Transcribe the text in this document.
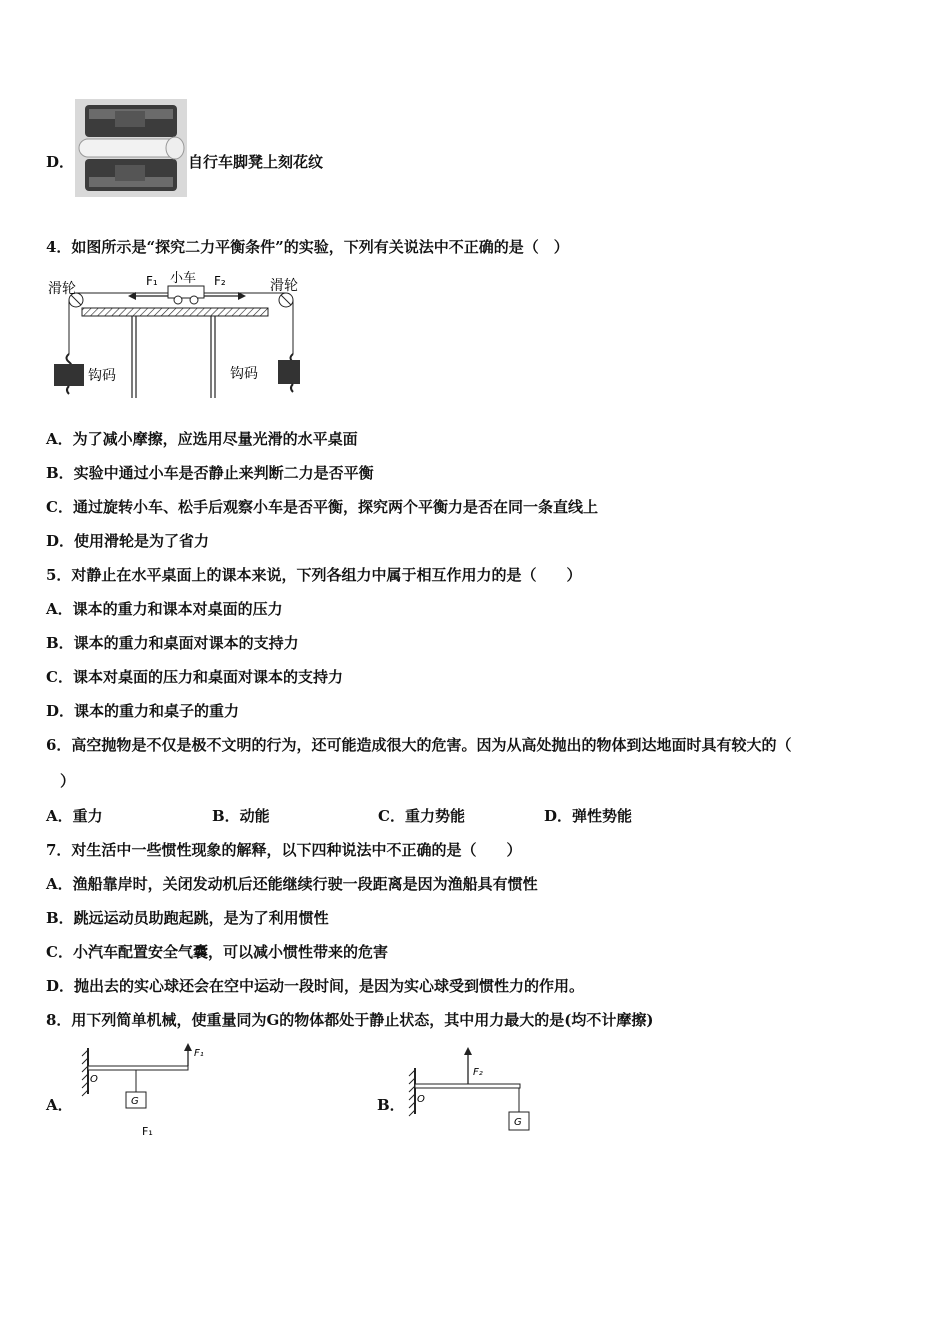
D．	自行车脚凳上刻花纹
4．如图所示是“探究二力平衡条件”的实验，下列有关说法中不正确的是（　）
滑轮	滑轮
小车
F₁	F₂
钩码	钩码
A．为了减小摩擦，应选用尽量光滑的水平桌面
B．实验中通过小车是否静止来判断二力是否平衡
C．通过旋转小车、松手后观察小车是否平衡，探究两个平衡力是否在同一条直线上
D．使用滑轮是为了省力
5．对静止在水平桌面上的课本来说，下列各组力中属于相互作用力的是（　　）
A．课本的重力和课本对桌面的压力
B．课本的重力和桌面对课本的支持力
C．课本对桌面的压力和桌面对课本的支持力
D．课本的重力和桌子的重力
6．高空抛物是不仅是极不文明的行为，还可能造成很大的危害。因为从高处抛出的物体到达地面时具有较大的（
）
A．重力	B．动能	C．重力势能	D．弹性势能
7．对生活中一些惯性现象的解释，以下四种说法中不正确的是（　　）
A．渔船靠岸时，关闭发动机后还能继续行驶一段距离是因为渔船具有惯性
B．跳远运动员助跑起跳，是为了利用惯性
C．小汽车配置安全气囊，可以减小惯性带来的危害
D．抛出去的实心球还会在空中运动一段时间，是因为实心球受到惯性力的作用。
8．用下列简单机械，使重量同为G的物体都处于静止状态，其中用力最大的是(均不计摩擦)
A．
F₁
O
G
F₁
B．
F₂
O
G
